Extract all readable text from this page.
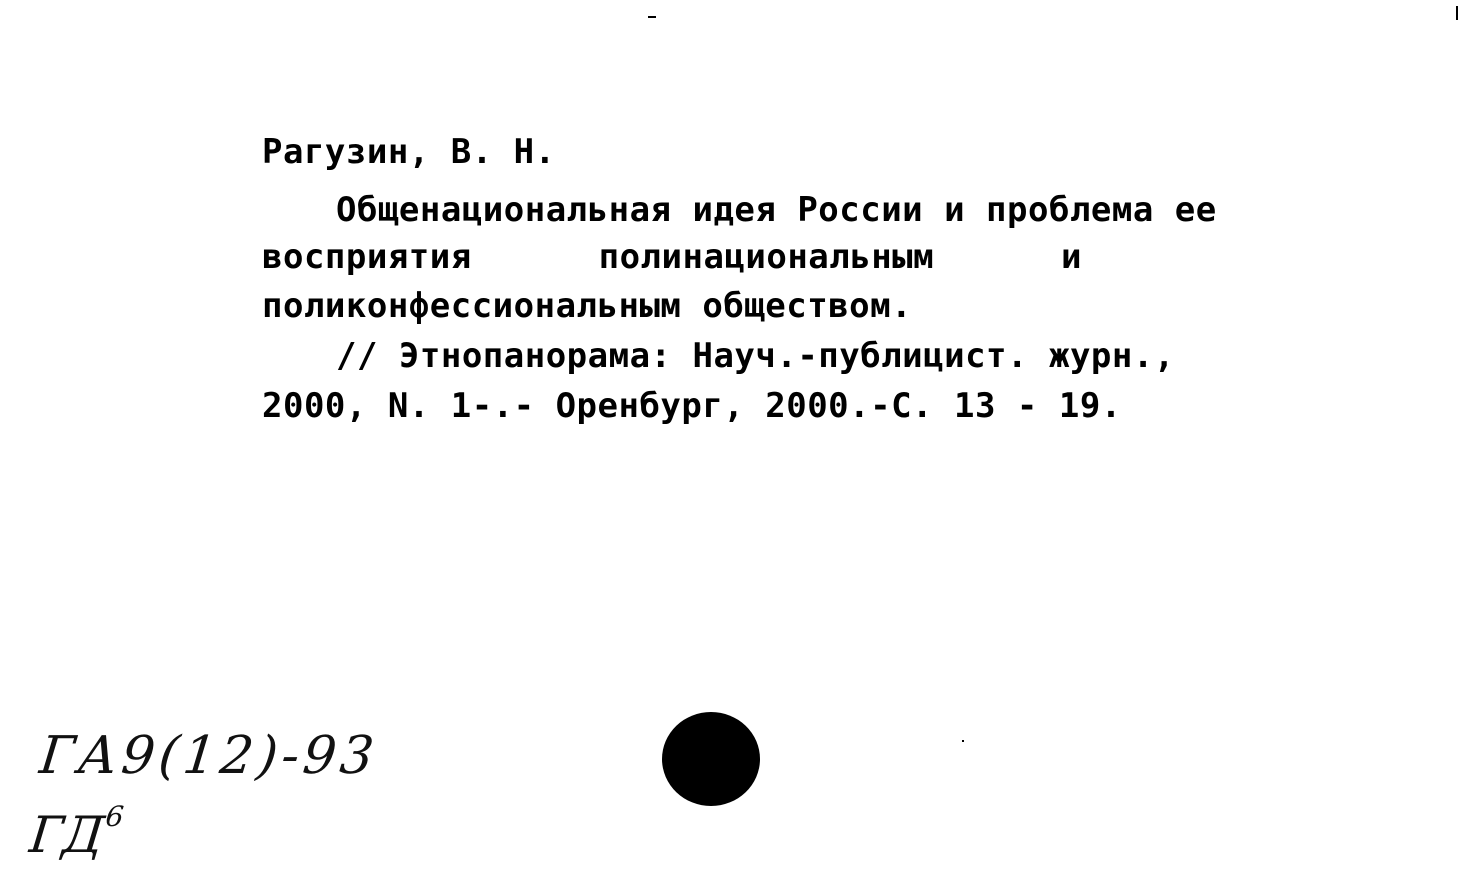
Рагузин, В. Н.
Общенациональная идея России и проблема ее
восприятия	полинациональным	и
поликонфессиональным обществом.
// Этнопанорама: Науч.-публицист. журн.,
2000, N. 1-.- Оренбург, 2000.-С. 13 - 19.
ГА9(12)-93
$ГД^6$
